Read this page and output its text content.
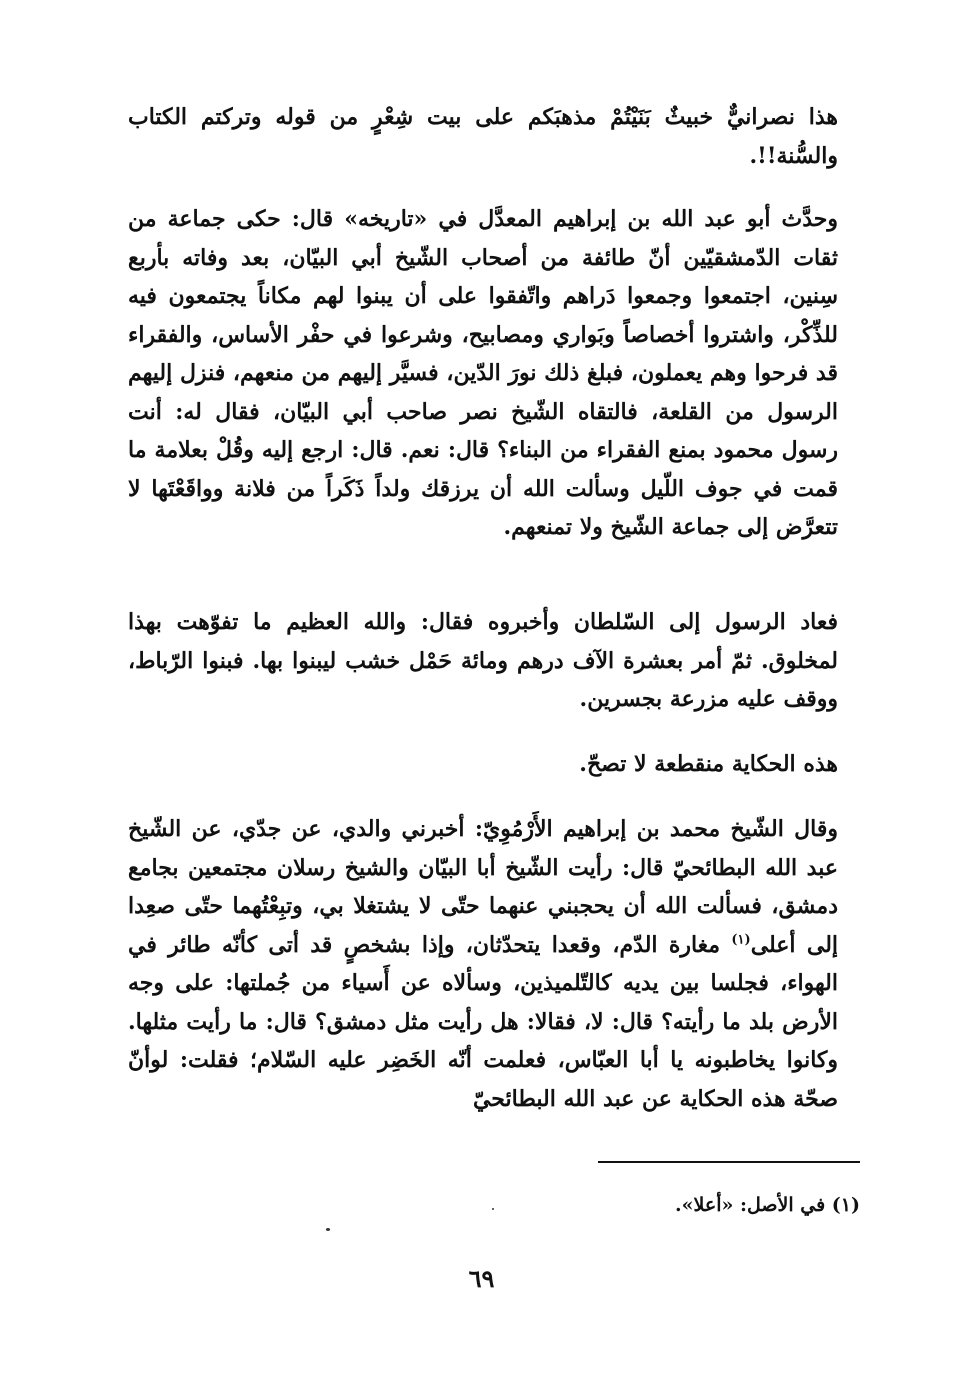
هذا نصرانيٌّ خبيثٌ بَنَيْتُمْ مذهبَكم على بيت شِعْرٍ من قوله وتركتم الكتاب والسُّنة!!.

وحدَّث أبو عبد الله بن إبراهيم المعدَّل في «تاريخه» قال: حكى جماعة من ثقات الدّمشقيّين أنّ طائفة من أصحاب الشّيخ أبي البيّان، بعد وفاته بأربع سِنين، اجتمعوا وجمعوا دَراهم واتّفقوا على أن يبنوا لهم مكاناً يجتمعون فيه للذِّكْر، واشتروا أخصاصاً وبَواري ومصابيح، وشرعوا في حفْر الأساس، والفقراء قد فرحوا وهم يعملون، فبلغ ذلك نورَ الدّين، فسيَّر إليهم من منعهم، فنزل إليهم الرسول من القلعة، فالتقاه الشّيخ نصر صاحب أبي البيّان، فقال له: أنت رسول محمود بمنع الفقراء من البناء؟ قال: نعم. قال: ارجع إليه وقُلْ بعلامة ما قمت في جوف اللّيل وسألت الله أن يرزقك ولداً ذَكَراً من فلانة وواقَعْتَها لا تتعرَّض إلى جماعة الشّيخ ولا تمنعهم.

فعاد الرسول إلى السّلطان وأخبروه فقال: والله العظيم ما تفوّهت بهذا لمخلوق. ثمّ أمر بعشرة الآف درهم ومائة حَمْل خشب ليبنوا بها. فبنوا الرّباط، ووقف عليه مزرعة بجسرين.

هذه الحكاية منقطعة لا تصحّ.

وقال الشّيخ محمد بن إبراهيم الأَرْمُوِيّ: أخبرني والدي، عن جدّي، عن الشّيخ عبد الله البطائحيّ قال: رأيت الشّيخ أبا البيّان والشيخ رسلان مجتمعين بجامع دمشق، فسألت الله أن يحجبني عنهما حتّى لا يشتغلا بي، وتبِعْتُهما حتّى صعِدا إلى أعلى$^{(١)}$ مغارة الدّم، وقعدا يتحدّثان، وإذا بشخصٍ قد أتى كأنّه طائر في الهواء، فجلسا بين يديه كالتّلميذين، وسألاه عن أَسياء من جُملتها: على وجه الأرض بلد ما رأيته؟ قال: لا، فقالا: هل رأيت مثل دمشق؟ قال: ما رأيت مثلها. وكانوا يخاطبونه يا أبا العبّاس، فعلمت أنّه الخَضِر عليه السّلام؛ فقلت: لوأنّ صحّة هذه الحكاية عن عبد الله البطائحيّ

(١) في الأصل: «أعلا».
٦٩
